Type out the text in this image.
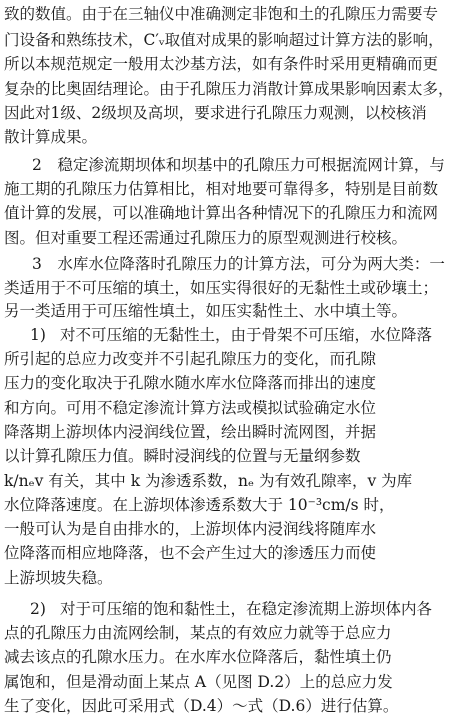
致的数值。由于在三轴仪中准确测定非饱和土的孔隙压力需要专
门设备和熟练技术，C′ᵥ取值对成果的影响超过计算方法的影响，
所以本规范规定一般用太沙基方法，如有条件时采用更精确而更
复杂的比奥固结理论。由于孔隙压力消散计算成果影响因素太多，
因此对1级、2级坝及高坝，要求进行孔隙压力观测，以校核消
散计算成果。
2　稳定渗流期坝体和坝基中的孔隙压力可根据流网计算，与
施工期的孔隙压力估算相比，相对地要可靠得多，特别是目前数
值计算的发展，可以准确地计算出各种情况下的孔隙压力和流网
图。但对重要工程还需通过孔隙压力的原型观测进行校核。
3　水库水位降落时孔隙压力的计算方法，可分为两大类：一
类适用于不可压缩的填土，如压实得很好的无黏性土或砂壤土；
另一类适用于可压缩性填土，如压实黏性土、水中填土等。
1) 对不可压缩的无黏性土，由于骨架不可压缩，水位降落
所引起的总应力改变并不引起孔隙压力的变化，而孔隙
压力的变化取决于孔隙水随水库水位降落而排出的速度
和方向。可用不稳定渗流计算方法或模拟试验确定水位
降落期上游坝体内浸润线位置，绘出瞬时流网图，并据
以计算孔隙压力值。瞬时浸润线的位置与无量纲参数
k/nₑv 有关，其中 k 为渗透系数，nₑ 为有效孔隙率，v 为库
水位降落速度。在上游坝体渗透系数大于 10⁻³cm/s 时，
一般可认为是自由排水的，上游坝体内浸润线将随库水
位降落而相应地降落，也不会产生过大的渗透压力而使
上游坝坡失稳。
2) 对于可压缩的饱和黏性土，在稳定渗流期上游坝体内各
点的孔隙压力由流网绘制，某点的有效应力就等于总应力
减去该点的孔隙水压力。在水库水位降落后，黏性填土仍
属饱和，但是滑动面上某点 A（见图 D.2）上的总应力发
生了变化，因此可采用式（D.4）～式（D.6）进行估算。
